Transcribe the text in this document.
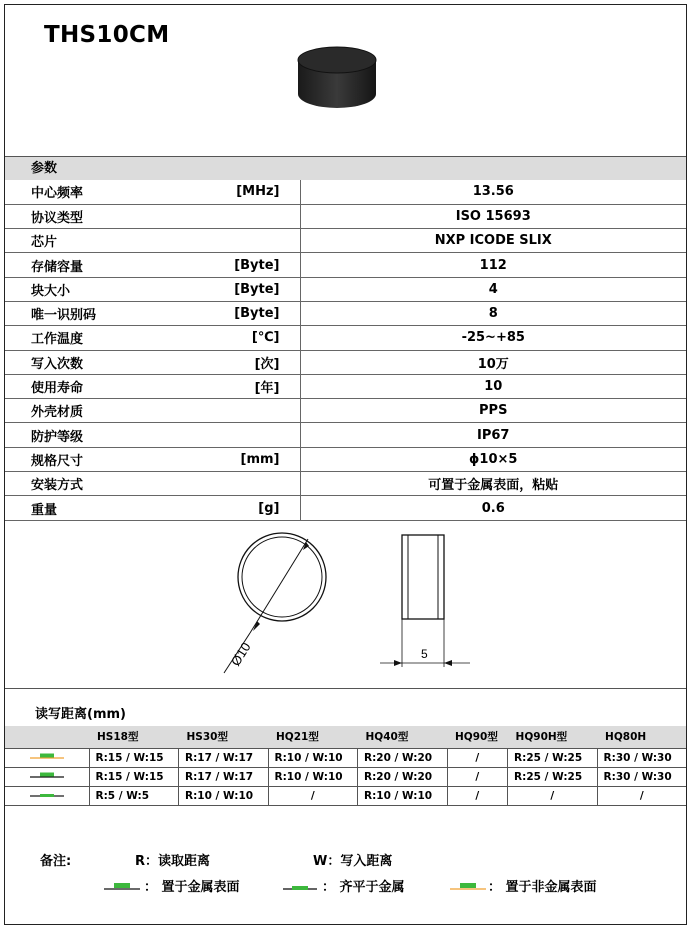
THS10CM
参数
中心频率	[MHz]	13.56
协议类型		ISO 15693
芯片		NXP ICODE SLIX
存储容量	[Byte]	112
块大小	[Byte]	4
唯一识别码	[Byte]	8
工作温度	[℃]	-25~+85
写入次数	[次]	10万
使用寿命	[年]	10
外壳材质		PPS
防护等级		IP67
规格尺寸	[mm]	ϕ10×5
安装方式		可置于金属表面，粘贴
重量	[g]	0.6
Ø10	5
读写距离(mm)
	HS18型	HS30型	HQ21型	HQ40型	HQ90型	HQ90H型	HQ80H
	R:15 / W:15	R:17 / W:17	R:10 / W:10	R:20 / W:20	/	R:25 / W:25	R:30 / W:30
	R:15 / W:15	R:17 / W:17	R:10 / W:10	R:20 / W:20	/	R:25 / W:25	R:30 / W:30
	R:5 / W:5	R:10 / W:10	/	R:10 / W:10	/	/	/
备注:	R：读取距离	W：写入距离
： 置于金属表面	： 齐平于金属	： 置于非金属表面
